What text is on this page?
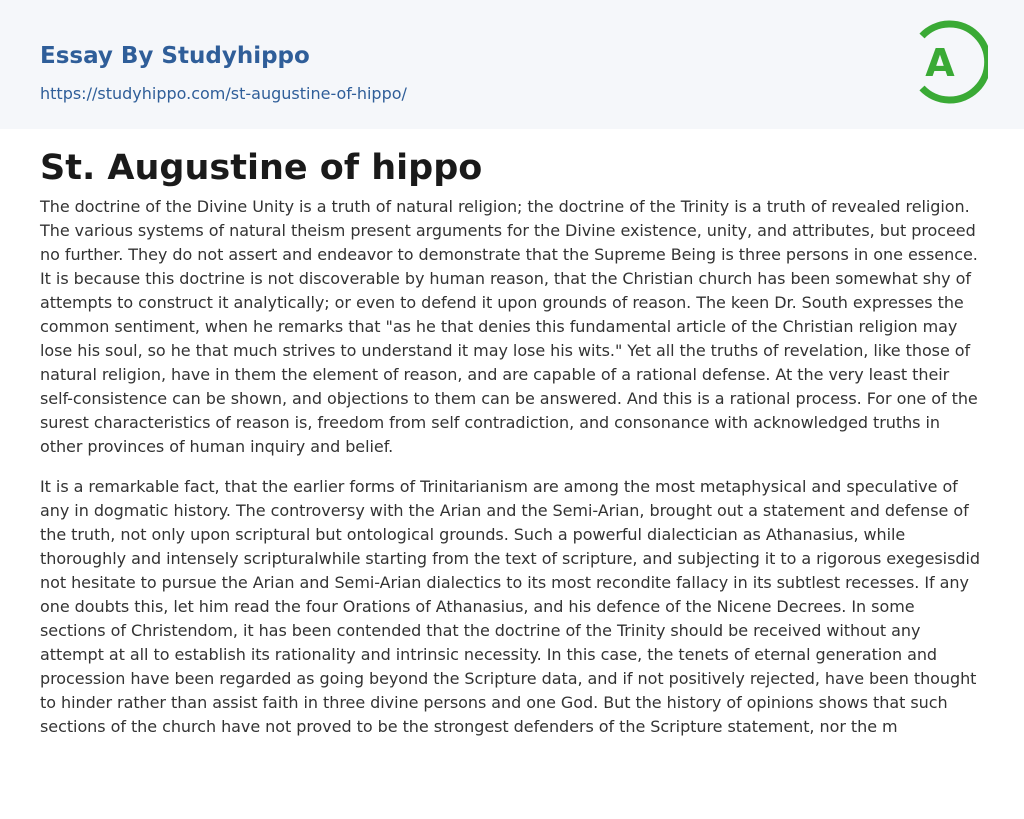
Essay By Studyhippo
https://studyhippo.com/st-augustine-of-hippo/
A
St. Augustine of hippo

The doctrine of the Divine Unity is a truth of natural religion; the doctrine of the Trinity is a truth of revealed religion. The various systems of natural theism present arguments for the Divine existence, unity, and attributes, but proceed no further. They do not assert and endeavor to demonstrate that the Supreme Being is three persons in one essence. It is because this doctrine is not discoverable by human reason, that the Christian church has been somewhat shy of attempts to construct it analytically; or even to defend it upon grounds of reason. The keen Dr. South expresses the common sentiment, when he remarks that "as he that denies this fundamental article of the Christian religion may lose his soul, so he that much strives to understand it may lose his wits." Yet all the truths of revelation, like those of natural religion, have in them the element of reason, and are capable of a rational defense. At the very least their self-consistence can be shown, and objections to them can be answered. And this is a rational process. For one of the surest characteristics of reason is, freedom from self contradiction, and consonance with acknowledged truths in other provinces of human inquiry and belief.

It is a remarkable fact, that the earlier forms of Trinitarianism are among the most metaphysical and speculative of any in dogmatic history. The controversy with the Arian and the Semi-Arian, brought out a statement and defense of the truth, not only upon scriptural but ontological grounds. Such a powerful dialectician as Athanasius, while thoroughly and intensely scripturalwhile starting from the text of scripture, and subjecting it to a rigorous exegesisdid not hesitate to pursue the Arian and Semi-Arian dialectics to its most recondite fallacy in its subtlest recesses. If any one doubts this, let him read the four Orations of Athanasius, and his defence of the Nicene Decrees. In some sections of Christendom, it has been contended that the doctrine of the Trinity should be received without any attempt at all to establish its rationality and intrinsic necessity. In this case, the tenets of eternal generation and procession have been regarded as going beyond the Scripture data, and if not positively rejected, have been thought to hinder rather than assist faith in three divine persons and one God. But the history of opinions shows that such sections of the church have not proved to be the strongest defenders of the Scripture statement, nor the m
